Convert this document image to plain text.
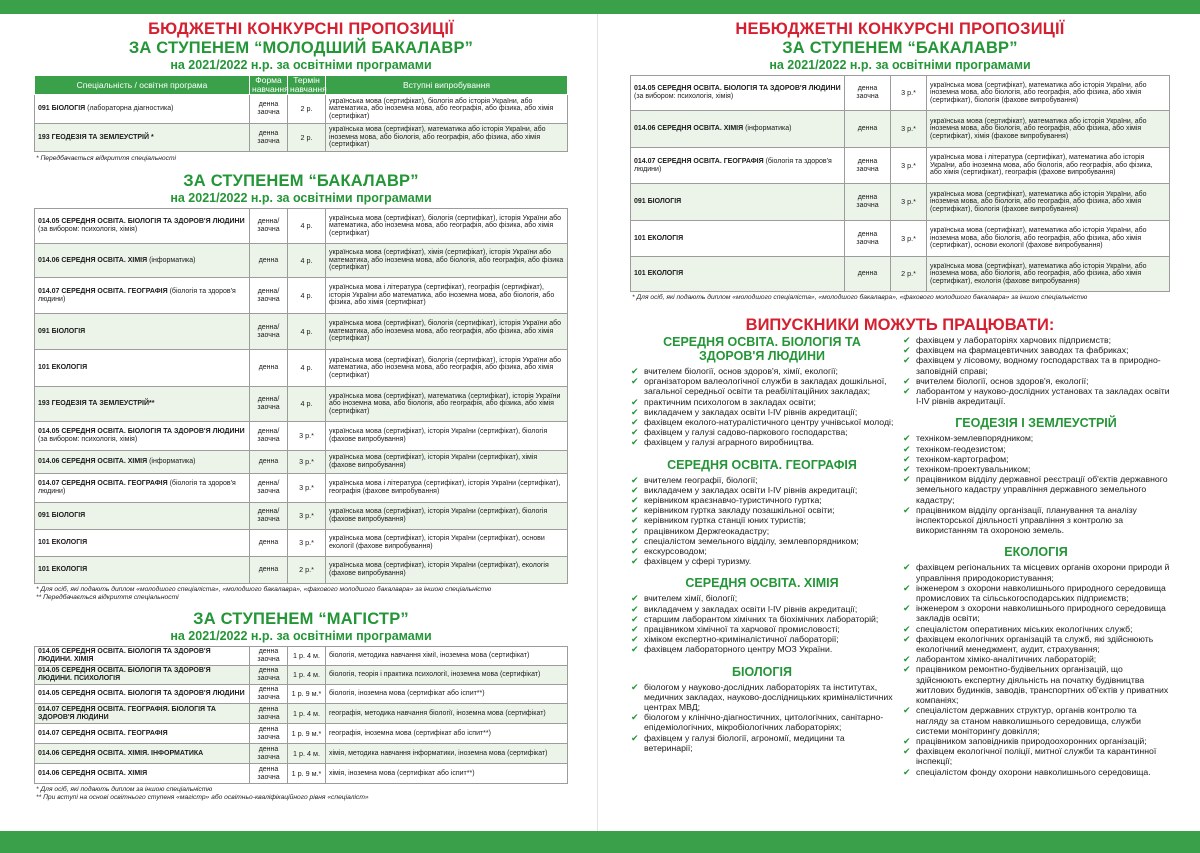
БЮДЖЕТНІ КОНКУРСНІ ПРОПОЗИЦІЇ
ЗА СТУПЕНЕМ “МОЛОДШИЙ БАКАЛАВР”
на 2021/2022 н.р. за освітніми програмами
Спеціальність / освітня програма	Форма навчання	Термін навчання	Вступні випробування
091 БІОЛОГІЯ (лабораторна діагностика)	денна заочна	2 р.	українська мова (сертифікат), біологія або історія України, або математика, або іноземна мова, або географія, або фізика, або хімія (сертифікат)
193 ГЕОДЕЗІЯ ТА ЗЕМЛЕУСТРІЙ *	денна заочна	2 р.	українська мова (сертифікат), математика або історія України, або іноземна мова, або біологія, або географія, або фізика, або хімія (сертифікат)
* Передбачається відкриття спеціальності
ЗА СТУПЕНЕМ “БАКАЛАВР”
на 2021/2022 н.р. за освітніми програмами
014.05 СЕРЕДНЯ ОСВІТА. БІОЛОГІЯ ТА ЗДОРОВ'Я ЛЮДИНИ (за вибором: психологія, хімія)	денна/ заочна	4 р.	українська мова (сертифікат), біологія (сертифікат), історія України або математика, або іноземна мова, або географія, або фізика, або хімія (сертифікат)
014.06 СЕРЕДНЯ ОСВІТА. ХІМІЯ (інформатика)	денна	4 р.	українська мова (сертифікат), хімія (сертифікат), історія України або математика, або іноземна мова, або біологія, або географія, або фізика (сертифікат)
014.07 СЕРЕДНЯ ОСВІТА. ГЕОГРАФІЯ (біологія та здоров'я людини)	денна/ заочна	4 р.	українська мова і література (сертифікат), географія (сертифікат), історія України або математика, або іноземна мова, або біологія, або фізика, або хімія (сертифікат)
091 БІОЛОГІЯ	денна/ заочна	4 р.	українська мова (сертифікат), біологія (сертифікат), історія України або математика, або іноземна мова, або географія, або фізика, або хімія (сертифікат)
101 ЕКОЛОГІЯ	денна	4 р.	українська мова (сертифікат), біологія (сертифікат), історія України або математика, або іноземна мова, або географія, або фізика, або хімія (сертифікат)
193 ГЕОДЕЗІЯ ТА ЗЕМЛЕУСТРІЙ**	денна/ заочна	4 р.	українська мова (сертифікат), математика (сертифікат), історія України або іноземна мова, або біологія, або географія, або фізика, або хімія (сертифікат)
014.05 СЕРЕДНЯ ОСВІТА. БІОЛОГІЯ ТА ЗДОРОВ'Я ЛЮДИНИ (за вибором: психологія, хімія)	денна/ заочна	3 р.*	українська мова (сертифікат), історія України (сертифікат), біологія (фахове випробування)
014.06 СЕРЕДНЯ ОСВІТА. ХІМІЯ (інформатика)	денна	3 р.*	українська мова (сертифікат), історія України (сертифікат), хімія (фахове випробування)
014.07 СЕРЕДНЯ ОСВІТА. ГЕОГРАФІЯ (біологія та здоров'я людини)	денна/ заочна	3 р.*	українська мова і література (сертифікат), історія України (сертифікат), географія (фахове випробування)
091 БІОЛОГІЯ	денна/ заочна	3 р.*	українська мова (сертифікат), історія України (сертифікат), біологія (фахове випробування)
101 ЕКОЛОГІЯ	денна	3 р.*	українська мова (сертифікат), історія України (сертифікат), основи екології (фахове випробування)
101 ЕКОЛОГІЯ	денна	2 р.*	українська мова (сертифікат), історія України (сертифікат), екологія (фахове випробування)
* Для осіб, які подають диплом «молодшого спеціаліста», «молодшого бакалавра», «фахового молодшого бакалавра» за іншою спеціальністю
** Передбачається відкриття спеціальності
ЗА СТУПЕНЕМ “МАГІСТР”
на 2021/2022 н.р. за освітніми програмами
014.05 СЕРЕДНЯ ОСВІТА. БІОЛОГІЯ ТА ЗДОРОВ'Я ЛЮДИНИ. ХІМІЯ	денна заочна	1 р. 4 м.	біологія, методика навчання хімії, іноземна мова (сертифікат)
014.05 СЕРЕДНЯ ОСВІТА. БІОЛОГІЯ ТА ЗДОРОВ'Я ЛЮДИНИ. ПСИХОЛОГІЯ	денна заочна	1 р. 4 м.	біологія, теорія і практика психології, іноземна мова (сертифікат)
014.05 СЕРЕДНЯ ОСВІТА. БІОЛОГІЯ ТА ЗДОРОВ'Я ЛЮДИНИ	денна заочна	1 р. 9 м.*	біологія, іноземна мова (сертифікат або іспит**)
014.07 СЕРЕДНЯ ОСВІТА. ГЕОГРАФІЯ. БІОЛОГІЯ ТА ЗДОРОВ'Я ЛЮДИНИ	денна заочна	1 р. 4 м.	географія, методика навчання біології, іноземна мова (сертифікат)
014.07 СЕРЕДНЯ ОСВІТА. ГЕОГРАФІЯ	денна заочна	1 р. 9 м.*	географія, іноземна мова (сертифікат або іспит**)
014.06 СЕРЕДНЯ ОСВІТА. ХІМІЯ. ІНФОРМАТИКА	денна заочна	1 р. 4 м.	хімія, методика навчання інформатики, іноземна мова (сертифікат)
014.06 СЕРЕДНЯ ОСВІТА. ХІМІЯ	денна заочна	1 р. 9 м.*	хімія, іноземна мова (сертифікат або іспит**)
* Для осіб, які подають диплом за іншою спеціальністю
** При вступі на основі освітнього ступеня «магістр» або освітньо-кваліфікаційного рівня «спеціаліст»
НЕБЮДЖЕТНІ КОНКУРСНІ ПРОПОЗИЦІЇ
ЗА СТУПЕНЕМ “БАКАЛАВР”
на 2021/2022 н.р. за освітніми програмами
014.05 СЕРЕДНЯ ОСВІТА. БІОЛОГІЯ ТА ЗДОРОВ'Я ЛЮДИНИ (за вибором: психологія, хімія)	денна заочна	3 р.*	українська мова (сертифікат), математика або історія України, або іноземна мова, або біологія, або географія, або фізика, або хімія (сертифікат), біологія (фахове випробування)
014.06 СЕРЕДНЯ ОСВІТА. ХІМІЯ (інформатика)	денна	3 р.*	українська мова (сертифікат), математика або історія України, або іноземна мова, або біологія, або географія, або фізика, або хімія (сертифікат), хімія (фахове випробування)
014.07 СЕРЕДНЯ ОСВІТА. ГЕОГРАФІЯ (біологія та здоров'я людини)	денна заочна	3 р.*	українська мова і література (сертифікат), математика або історія України, або іноземна мова, або біологія, або географія, або фізика, або хімія (сертифікат), географія (фахове випробування)
091 БІОЛОГІЯ	денна заочна	3 р.*	українська мова (сертифікат), математика або історія України, або іноземна мова, або біологія, або географія, або фізика, або хімія (сертифікат), біологія (фахове випробування)
101 ЕКОЛОГІЯ	денна заочна	3 р.*	українська мова (сертифікат), математика або історія України, або іноземна мова, або біологія, або географія, або фізика, або хімія (сертифікат), основи екології (фахове випробування)
101 ЕКОЛОГІЯ	денна	2 р.*	українська мова (сертифікат), математика або історія України, або іноземна мова, або біологія, або географія, або фізика, або хімія (сертифікат), екологія (фахове випробування)
* Для осіб, які подають диплом «молодшого спеціаліста», «молодшого бакалавра», «фахового молодшого бакалавра» за іншою спеціальністю
ВИПУСКНИКИ МОЖУТЬ ПРАЦЮВАТИ:
СЕРЕДНЯ ОСВІТА. БІОЛОГІЯ ТА ЗДОРОВ'Я ЛЮДИНИ
✔ вчителем біології, основ здоров'я, хімії, екології;
✔ організатором валеологічної служби в закладах дошкільної, загальної середньої освіти та реабілітаційних закладах;
✔ практичним психологом в закладах освіти;
✔ викладачем у закладах освіти І-ІV рівнів акредитації;
✔ фахівцем еколого-натуралістичного центру учнівської молоді;
✔ фахівцем у галузі садово-паркового господарства;
✔ фахівцем у галузі аграрного виробництва.
СЕРЕДНЯ ОСВІТА. ГЕОГРАФІЯ
✔ вчителем географії, біології;
✔ викладачем у закладах освіти І-ІV рівнів акредитації;
✔ керівником краєзнавчо-туристичного гуртка;
✔ керівником гуртка закладу позашкільної освіти;
✔ керівником гуртка станції юних туристів;
✔ працівником Держгеокадастру;
✔ спеціалістом земельного відділу, землевпорядником;
✔ екскурсоводом;
✔ фахівцем у сфері туризму.
СЕРЕДНЯ ОСВІТА. ХІМІЯ
✔ вчителем хімії, біології;
✔ викладачем у закладах освіти І-ІV рівнів акредитації;
✔ старшим лаборантом хімічних та біохімічних лабораторій;
✔ працівником хімічної та харчової промисловості;
✔ хіміком експертно-криміналістичної лабораторії;
✔ фахівцем лабораторного центру МОЗ України.
БІОЛОГІЯ
✔ біологом у науково-дослідних лабораторіях та інститутах, медичних закладах, науково-дослідницьких криміналістичних центрах МВД;
✔ біологом у клінічно-діагностичних, цитологічних, санітарно-епідеміологічних, мікробіологічних лабораторіях;
✔ фахівцем у галузі біології, агрономії, медицини та ветеринарії;
✔ фахівцем у лабораторіях харчових підприємств;
✔ фахівцем на фармацевтичних заводах та фабриках;
✔ фахівцем у лісовому, водному господарствах та в природно-заповідній справі;
✔ вчителем біології, основ здоров'я, екології;
✔ лаборантом у науково-дослідних установах та закладах освіти І-ІV рівнів акредитації.
ГЕОДЕЗІЯ І ЗЕМЛЕУСТРІЙ
✔ техніком-землевпорядником;
✔ техніком-геодезистом;
✔ техніком-картографом;
✔ техніком-проектувальником;
✔ працівником відділу державної реєстрації об'єктів державного земельного кадастру управління державного земельного кадастру;
✔ працівником відділу організації, планування та аналізу інспекторської діяльності управління з контролю за використанням та охороною земель.
ЕКОЛОГІЯ
✔ фахівцем регіональних та місцевих органів охорони природи й управління природокористування;
✔ інженером з охорони навколишнього природного середовища промислових та сільськогосподарських підприємств;
✔ інженером з охорони навколишнього природного середовища закладів освіти;
✔ спеціалістом оперативних міських екологічних служб;
✔ фахівцем екологічних організацій та служб, які здійснюють екологічний менеджмент, аудит, страхування;
✔ лаборантом хіміко-аналітичних лабораторій;
✔ працівником ремонтно-будівельних організацій, що здійснюють експертну діяльність на початку будівництва житлових будинків, заводів, транспортних об'єктів у приватних компаніях;
✔ спеціалістом державних структур, органів контролю та нагляду за станом навколишнього середовища, служби системи моніторингу довкілля;
✔ працівником заповідників природоохоронних організацій;
✔ фахівцем екологічної поліції, митної служби та карантинної інспекції;
✔ спеціалістом фонду охорони навколишнього середовища.
